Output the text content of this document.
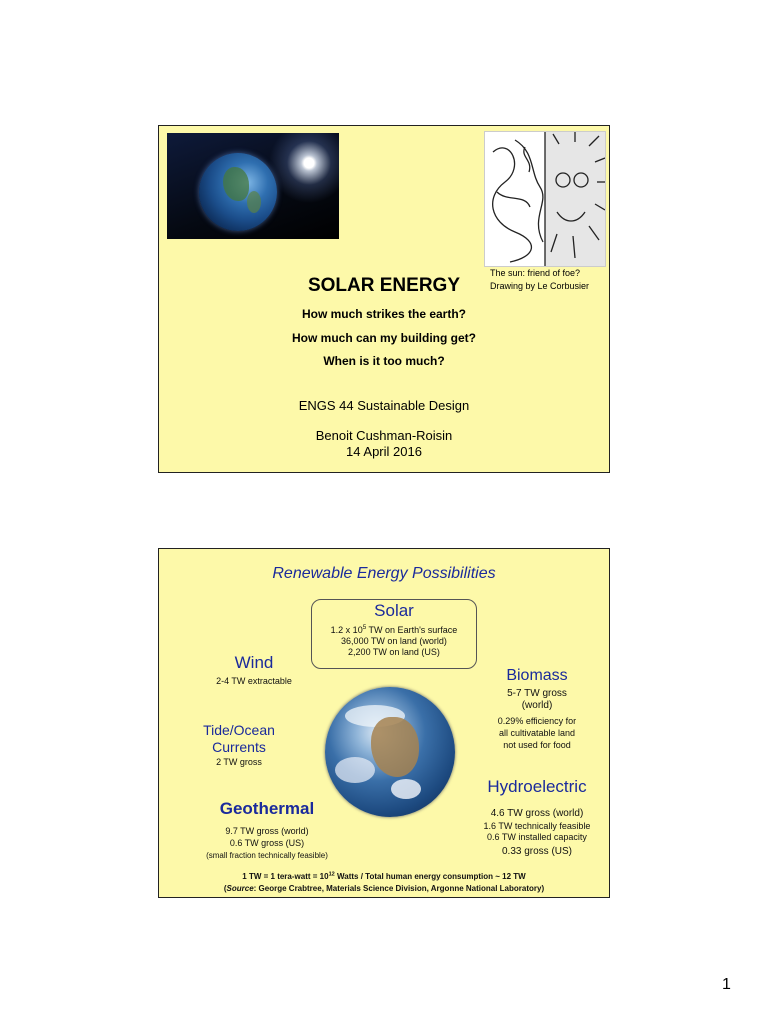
The sun: friend of foe?
Drawing by Le Corbusier
SOLAR ENERGY
How much strikes the earth?
How much can my building get?
When is it too much?
ENGS 44 Sustainable Design
Benoit Cushman-Roisin
14 April 2016
Renewable Energy Possibilities
Solar
1.2 x $10^5$ TW on Earth's surface
36,000 TW on land (world)
2,200 TW on land (US)
Wind
2-4 TW extractable
Tide/Ocean
Currents
2 TW gross
Biomass
5-7 TW gross
(world)
0.29% efficiency for
all cultivatable land
not used for food
Hydroelectric
4.6 TW gross (world)
1.6 TW technically feasible
0.6 TW installed capacity
0.33 gross (US)
Geothermal
9.7 TW gross (world)
0.6 TW gross (US)
(small fraction technically feasible)
1 TW = 1 tera-watt = $10^{12}$ Watts / Total human energy consumption ~ 12 TW
(Source: George Crabtree, Materials Science Division, Argonne National Laboratory)
1
